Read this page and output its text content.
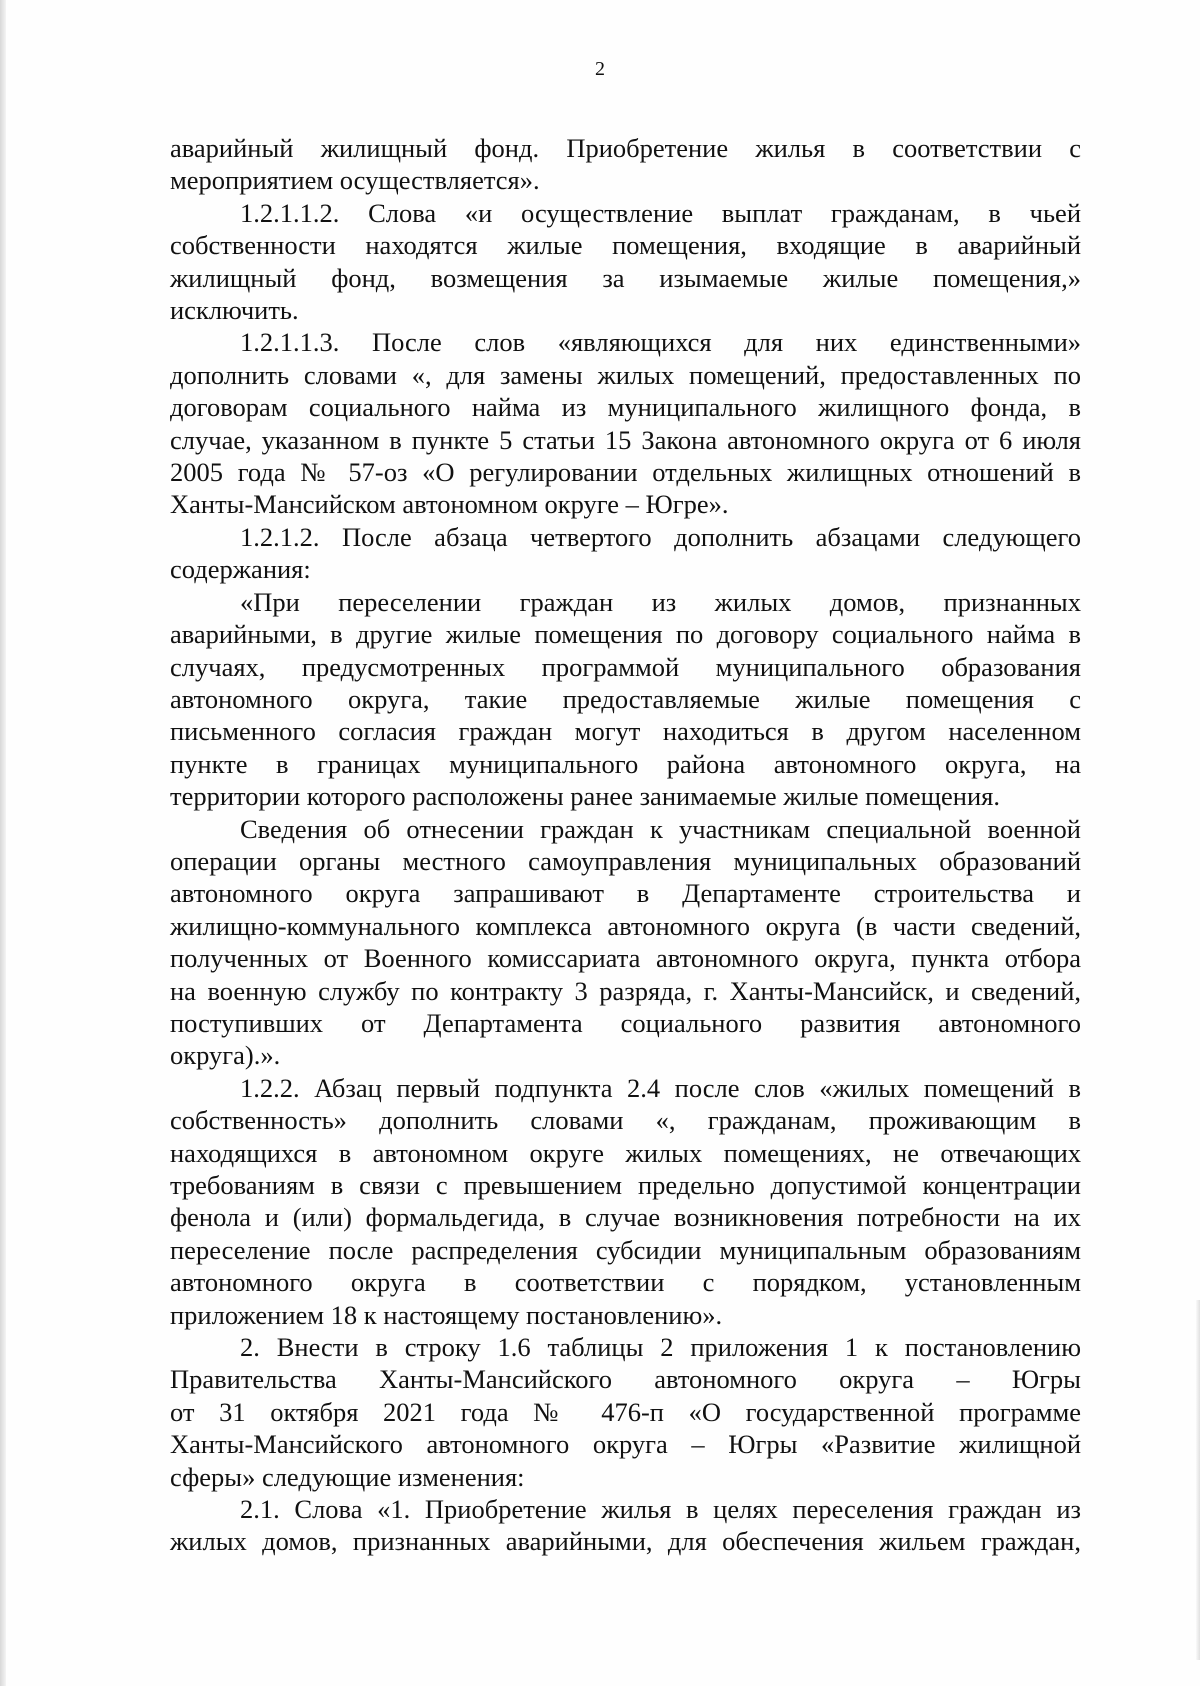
2
аварийный жилищный фонд. Приобретение жилья в соответствии с
мероприятием осуществляется».
1.2.1.1.2. Слова «и осуществление выплат гражданам, в чьей
собственности находятся жилые помещения, входящие в аварийный
жилищный фонд, возмещения за изымаемые жилые помещения,»
исключить.
1.2.1.1.3. После слов «являющихся для них единственными»
дополнить словами «, для замены жилых помещений, предоставленных по
договорам социального найма из муниципального жилищного фонда, в
случае, указанном в пункте 5 статьи 15 Закона автономного округа от 6 июля
2005 года № 57-оз «О регулировании отдельных жилищных отношений в
Ханты-Мансийском автономном округе – Югре».
1.2.1.2. После абзаца четвертого дополнить абзацами следующего
содержания:
«При переселении граждан из жилых домов, признанных
аварийными, в другие жилые помещения по договору социального найма в
случаях, предусмотренных программой муниципального образования
автономного округа, такие предоставляемые жилые помещения с
письменного согласия граждан могут находиться в другом населенном
пункте в границах муниципального района автономного округа, на
территории которого расположены ранее занимаемые жилые помещения.
Сведения об отнесении граждан к участникам специальной военной
операции органы местного самоуправления муниципальных образований
автономного округа запрашивают в Департаменте строительства и
жилищно-коммунального комплекса автономного округа (в части сведений,
полученных от Военного комиссариата автономного округа, пункта отбора
на военную службу по контракту 3 разряда, г. Ханты-Мансийск, и сведений,
поступивших от Департамента социального развития автономного
округа).».
1.2.2. Абзац первый подпункта 2.4 после слов «жилых помещений в
собственность» дополнить словами «, гражданам, проживающим в
находящихся в автономном округе жилых помещениях, не отвечающих
требованиям в связи с превышением предельно допустимой концентрации
фенола и (или) формальдегида, в случае возникновения потребности на их
переселение после распределения субсидии муниципальным образованиям
автономного округа в соответствии с порядком, установленным
приложением 18 к настоящему постановлению».
2. Внести в строку 1.6 таблицы 2 приложения 1 к постановлению
Правительства Ханты-Мансийского автономного округа – Югры
от 31 октября 2021 года № 476-п «О государственной программе
Ханты-Мансийского автономного округа – Югры «Развитие жилищной
сферы» следующие изменения:
2.1. Слова «1. Приобретение жилья в целях переселения граждан из
жилых домов, признанных аварийными, для обеспечения жильем граждан,
